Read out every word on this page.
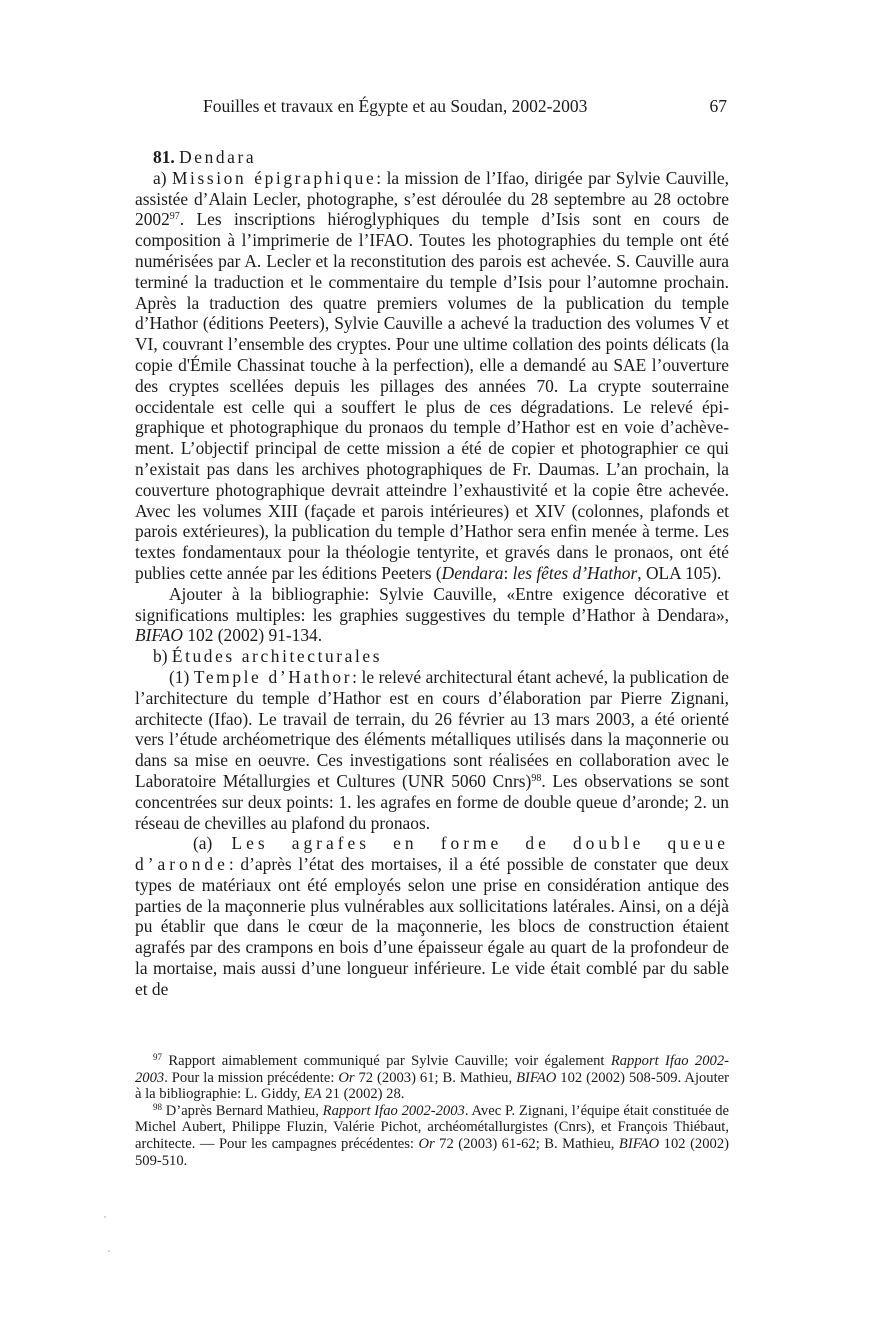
Fouilles et travaux en Égypte et au Soudan, 2002-2003	67

81. Dendara

a) Mission épigraphique: la mission de l’Ifao, dirigée par Sylvie Cauville, assistée d’Alain Lecler, photographe, s’est déroulée du 28 septembre au 28 octobre 2002$^{97}$. Les inscriptions hiéroglyphiques du temple d’Isis sont en cours de composition à l’imprimerie de l’IFAO. Toutes les photographies du temple ont été numérisées par A. Lecler et la reconstitution des parois est achevée. S. Cauville aura terminé la traduction et le commentaire du temple d’Isis pour l’automne prochain. Après la traduction des quatre premiers volumes de la publication du temple d’Hathor (éditions Peeters), Sylvie Cauville a achevé la traduction des volumes V et VI, couvrant l’ensemble des cryptes. Pour une ultime collation des points délicats (la copie d'Émile Chassinat touche à la perfection), elle a demandé au SAE l’ouverture des cryptes scellées depuis les pillages des années 70. La crypte souterraine occidentale est celle qui a souffert le plus de ces dégradations. Le relevé épigraphique et photographique du pronaos du temple d’Hathor est en voie d’achèvement. L’objectif principal de cette mission a été de copier et photographier ce qui n’existait pas dans les archives photographiques de Fr. Daumas. L’an prochain, la couverture photographique devrait atteindre l’exhaustivité et la copie être achevée. Avec les volumes XIII (façade et parois intérieures) et XIV (colonnes, plafonds et parois extérieures), la publication du temple d’Hathor sera enfin menée à terme. Les textes fondamentaux pour la théologie tentyrite, et gravés dans le pronaos, ont été publies cette année par les éditions Peeters (Dendara: les fêtes d’Hathor, OLA 105).

Ajouter à la bibliographie: Sylvie Cauville, «Entre exigence décorative et significations multiples: les graphies suggestives du temple d’Hathor à Dendara», BIFAO 102 (2002) 91-134.

b) Études architecturales

(1) Temple d’Hathor: le relevé architectural étant achevé, la publication de l’architecture du temple d’Hathor est en cours d’élaboration par Pierre Zignani, architecte (Ifao). Le travail de terrain, du 26 février au 13 mars 2003, a été orienté vers l’étude archéometrique des éléments métalliques utilisés dans la maçonnerie ou dans sa mise en oeuvre. Ces investigations sont réalisées en collaboration avec le Laboratoire Métallurgies et Cultures (UNR 5060 Cnrs)$^{98}$. Les observations se sont concentrées sur deux points: 1. les agrafes en forme de double queue d’aronde; 2. un réseau de chevilles au plafond du pronaos.

(a) Les agrafes en forme de double queue d’aronde: d’après l’état des mortaises, il a été possible de constater que deux types de matériaux ont été employés selon une prise en considération antique des parties de la maçonnerie plus vulnérables aux sollicitations latérales. Ainsi, on a déjà pu établir que dans le cœur de la maçonnerie, les blocs de construction étaient agrafés par des crampons en bois d’une épaisseur égale au quart de la profondeur de la mortaise, mais aussi d’une longueur inférieure. Le vide était comblé par du sable et de

$^{97}$ Rapport aimablement communiqué par Sylvie Cauville; voir également Rapport Ifao 2002-2003. Pour la mission précédente: Or 72 (2003) 61; B. Mathieu, BIFAO 102 (2002) 508-509. Ajouter à la bibliographie: L. Giddy, EA 21 (2002) 28.

$^{98}$ D’après Bernard Mathieu, Rapport Ifao 2002-2003. Avec P. Zignani, l’équipe était constituée de Michel Aubert, Philippe Fluzin, Valérie Pichot, archéométallurgistes (Cnrs), et François Thiébaut, architecte. — Pour les campagnes précédentes: Or 72 (2003) 61-62; B. Mathieu, BIFAO 102 (2002) 509-510.
